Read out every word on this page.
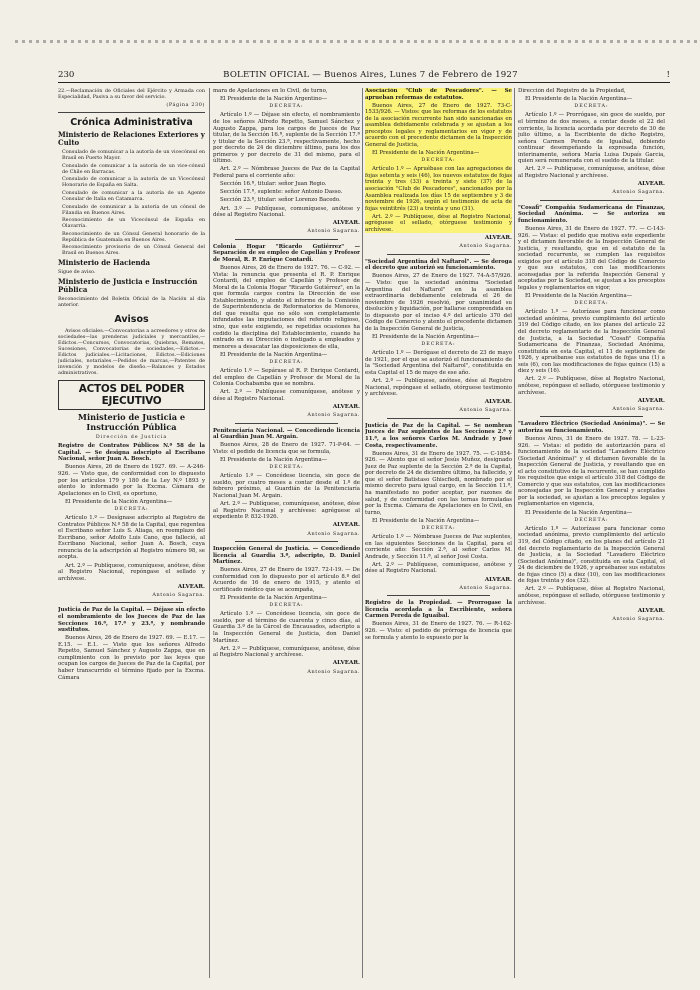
230	BOLETIN OFICIAL — Buenos Aires, Lunes 7 de Febrero de 1927	!

22.—Reclamación de Oficiales del Ejército y Armada con Especialidad, Pasiva a su favor del servicio.

(Página 230)

Crónica Administrativa
Ministerio de Relaciones Exteriores y Culto

Consulado de comunicar a la autoría de un vicecónsul en Brasil en Puerto Mayor.

Consulado de comunicar a la autoría de un vice-cónsul de Chile en Barracas.

Consulado de comunicar a la autoría de un Vicecónsul Honorario de España en Salta.

Consulado de comunicar a la autoría de un Agente Consular de Italia en Catamarca.

Consulado de comunicar a la autoría de un cónsul de Filandia en Buenos Aires.

Reconocimiento de un Vicecónsul de España en Olavarría.

Reconocimiento de un Cónsul General honorario de la República de Guatemala en Buenos Aires.

Reconocimiento provisorio de un Cónsul General del Brasil en Buenos Aires.

Ministerio de Hacienda

Sigue de aviso.

Ministerio de Justicia e Instrucción Pública

Reconocimiento del Boletín Oficial de la Nación al día anterior.

Avisos

Avisos oficiales.—Convocatorias a acreedores y otros de sociedades—las prenderas judiciales y mercantiles,—Edictos.—Concursos, Convocatorias, Quiebras, Remates, Sucesiones, Convocatorias de sociedades,—Edictos.—Edictos judiciales.—Licitaciones, Edictos.—Ediciones judiciales, notariales.—Pedidos de marcas,—Patentes de invención y modelos de diseño.—Balances y Estados administrativos.

ACTOS DEL PODER EJECUTIVO
Ministerio de Justicia e Instrucción Pública

Dirección de Justicia

Registro de Contratos Públicos N.º 58 de la Capital. — Se designa adscripto al Escribano Nacional, señor Juan A. Bosch.

Buenos Aires, 26 de Enero de 1927. 69. — A-246-926. — Visto que, de conformidad con lo dispuesto por los artículos 179 y 180 de la Ley N.º 1893 y atento lo informado por la Excma. Cámara de Apelaciones en lo Civil, es oportuno,

El Presidente de la Nación Argentina—

DECRETA:

Artículo 1.º — Desígnase adscripto al Registro de Contratos Públicos N.º 58 de la Capital, que regentea el Escribano señor Luis S. Aliaga, en reemplazo del Escribano, señor Adolfo Luis Cano, que falleció, al Escribano Nacional, señor Juan A. Bosch, cuya renuncia de la adscripción al Registro número 98, se acepta.

Art. 2.º — Publíquese, comuníquese, anótese, dése al Registro Nacional, repóngase el sellado y archívese.

ALVEAR.

Antonio Sagarna.

Justicia de Paz de la Capital. — Déjase sin efecto el nombramiento de los Jueces de Paz de las Secciones 16.ª, 17.ª y 23.ª, y nombrando sustitutos.

Buenos Aires, 26 de Enero de 1927. 69. — E.17. — E.15. — E.1. — Visto que los señores Alfredo Repetto, Samuel Sánchez y Augusto Zappa, que en cumplimiento con lo previsto por las leyes que ocupan los cargos de Jueces de Paz de la Capital, por haber transcurrido el término fijado por la Excma. Cámara

mara de Apelaciones en lo Civil, de turno,

El Presidente de la Nación Argentino—

DECRETA:

Artículo 1.º — Déjase sin efecto, el nombramiento de los señores Alfredo Repetto, Samuel Sánchez y Augusto Zappa, para los cargos de Jueces de Paz titular, de la Sección 16.ª, suplente de la Sección 17.ª y titular de la Sección 23.ª, respectivamente, hecho por decreto de 24 de diciembre último, para los dos primeros y por decreto de 31 del mismo, para el último.

Art. 2.º — Nómbrase Jueces de Paz de la Capital Federal para el corriente año:

Sección 16.ª, titular: señor Juan Regio.

Sección 17.ª, suplente: señor Antonio Dasso.

Sección 23.ª, titular: señor Lorenzo Bacedo.

Art. 3.º — Publíquese, comuníquese, anótese y dése al Registro Nacional.

ALVEAR.

Antonio Sagarna.

Colonia Hogar "Ricardo Gutiérrez" — Separación de su empleo de Capellán y Profesor de Moral, R. P. Enrique Contardi.

Buenos Aires, 26 de Enero de 1927. 76. — C-92. — Vista: la renuncia que presenta el R. P. Enrique Contardi, del empleo de Capellán y Profesor de Moral de la Colonia Hogar "Ricardo Gutiérrez", en la que formula cargos contra la Dirección de ese Establecimiento, y atento el informe de la Comisión de Superintendencia de Reformatorios de Menores, del que resulta que no sólo son completamente infundados las imputaciones del referido religioso, sino, que este exigiendo, se repetidas ocasiones ha cedido la disciplina del Establecimiento, cuando ha entrado en su Dirección o instigado a empleados y menores a desacatar las disposiciones de ella,

El Presidente de la Nación Argentina—

DECRETA:

Artículo 1.º — Sepárase al R. P. Enrique Contardi, del empleo de Capellán y Profesor de Moral de la Colonia Cochabamba que se nombra.

Art. 2.º — Publíquese comuníquese, anótese y dése al Registro Nacional.

ALVEAR.

Antonio Sagarna.

Penitenciaría Nacional. — Concediendo licencia al Guardián Juan M. Argain.

Buenos Aires, 28 de Enero de 1927. 71-P-64. — Visto: el pedido de licencia que se formula,

El Presidente de la Nación Argentina—

DECRETA:

Artículo 1.º — Concédese licencia, sin goce de sueldo, por cuatro meses a contar desde el 1.º de febrero próximo, al Guardián de la Penitenciaría Nacional Juan M. Argain.

Art. 2.º — Publíquese, comuníquese, anótese, dése al Registro Nacional y archívese: agréguese al expediente P. 832-1926.

ALVEAR.

Antonio Sagarna.

Inspección General de Justicia. — Concediendo licencia al Guardia 3.º, adscripto, D. Daniel Martínez.

Buenos Aires, 27 de Enero de 1927. 72-I-19. — De conformidad con lo dispuesto por el artículo 8.º del Acuerdo de 16 de enero de 1915, y atento el certificado médico que se acompaña,

El Presidente de la Nación Argentina—

DECRETA:

Artículo 1.º — Concédese licencia, sin goce de sueldo, por el término de cuarenta y cinco días, al Guardia 3.º de la Cárcel de Encausados, adscripto a la Inspección General de Justicia, don Daniel Martínez.

Art. 2.º — Publíquese, comuníquese, anótese, dése al Registro Nacional y archívese.

ALVEAR.

Antonio Sagarna.

Asociación "Club de Pescadores". — Se aprueban reformas de estatutos.

Buenos Aires, 27 de Enero de 1927. 73-C-1533/926. — Vistos: que las reformas de los estatutos de la asociación recurrente han sido sancionadas en asamblea debidamente celebrada y se ajustan a los preceptos legales y reglamentarios en vigor y de acuerdo con el precedente dictamen de la Inspección General de Justicia,

El Presidente de la Nación Argentina—

DECRETA:

Artículo 1.º — Apruébase con las agregaciones de fojas setenta y seis (46), los nuevos estatutos de fojas treinta y tres (33) a treinta y siete (37) de la asociación "Club de Pescadores", sancionados por la Asamblea realizada los días 15 de septiembre y 3 de noviembre de 1926, según el testimonio de acta de fojas veintitrés (23) a treinta y uno (31).

Art. 2.º — Publíquese, dése al Registro Nacional, agréguese el sellado, otórguese testimonio y archívese.

ALVEAR.

Antonio Sagarna.

"Sociedad Argentina del Naftarol". — Se deroga el decreto que autorizó su funcionamiento.

Buenos Aires, 27 de Enero de 1927. 74-A-57/926. — Visto: que la sociedad anónima "Sociedad Argentina del Naftarol" en la asamblea extraordinaria debidamente celebrada el 26 de noviembre de 1926 resolvió, por unanimidad su disolución y liquidación, por hallarse comprendida en lo dispuesto por el inciso 4.º del artículo 370 del Código de Comercio y atento el precedente dictamen de la Inspección General de Justicia,

El Presidente de la Nación Argentina—

DECRETA:

Artículo 1.º — Derógase el decreto de 23 de mayo de 1921, por el que se autorizó el funcionamiento de la "Sociedad Argentina del Naftarol", constituida en esta Capital el 15 de mayo de ese año.

Art. 2.º — Publíquese, anótese, dése al Registro Nacional, repóngase el sellado, otórguese testimonio y archívese.

ALVEAR.

Antonio Sagarna.

Justicia de Paz de la Capital. — Se nombran Jueces de Paz suplentes de las Secciones 2.ª y 11.ª, a los señores Carlos M. Andrade y José Costa, respectivamente.

Buenos Aires, 31 de Enero de 1927. 75. — C-1854-926. — Atento que el señor Jesús Muñoz, designado Juez de Paz suplente de la Sección 2.ª de la Capital, por decreto de 24 de diciembre último, ha fallecido, y que el señor Batistaso Ghiscfiedi, nombrado por el mismo decreto para igual cargo, en la Sección 11.ª, ha manifestado no poder aceptar, por razones de salud, y de conformidad con las ternas formuladas por la Excma. Cámara de Apelaciones en lo Civil, en turno,

El Presidente de la Nación Argentina—

DECRETA:

Artículo 1.º — Nómbrase Jueces de Paz suplentes, en las siguientes Secciones de la Capital, para el corriente año: Sección 2.ª, al señor Carlos M. Andrade, y Sección 11.ª, al señor José Costa.

Art. 2.º — Publíquese, comuníquese, anótese y dése al Registro Nacional.

ALVEAR.

Antonio Sagarna.

Registro de la Propiedad. — Prorrogase la licencia acordada a la Escribiente, señora Carmen Pereda de Iguaíbal.

Buenos Aires, 31 de Enero de 1927. 76. — R-162-926. — Visto: el pedido de prórroga de licencia que se formula y atento lo expuesto por la

Dirección del Registro de la Propiedad,

El Presidente de la Nación Argentina—

DECRETA:

Artículo 1.º — Prorrógase, sin goce de sueldo, por el término de dos meses, a contar desde el 22 del corriente, la licencia acordada por decreto de 30 de julio último, a la Escribiente de dicho Registro, señora Carmen Pereda de Iguaíbal, debiendo continuar desempeñando la expresada función, interinamente, señora María Luisa Dupaís Garcia, quien será remunerada con el sueldo de la titular.

Art. 2.º — Publíquese, comuníquese, anótese, dése al Registro Nacional y archívese.

ALVEAR.

Antonio Sagarna.

"Cosafi" Compañía Sudamericana de Finanzas, Sociedad Anónima. — Se autoriza su funcionamiento.

Buenos Aires, 31 de Enero de 1927. 77. — C-143-926. — Vistas: el pedido que motiva este expediente y el dictamen favorable de la Inspección General de Justicia, y resultando, que en el estatuto de la sociedad recurrente, se cumplen las requisitos exigidos por el artículo 318 del Código de Comercio y que sus estatutos, con las modificaciones aconsejadas por la referida Inspección General y aceptadas por la Sociedad, se ajustan a los preceptos legales y reglamentarios en vigor,

El Presidente de la Nación Argentina—

DECRETA:

Artículo 1.º — Autorízase para funcionar como sociedad anónima, previo cumplimiento del artículo 319 del Código citado, en los planes del artículo 22 del decreto reglamentario de la Inspección General de Justicia, a la Sociedad "Cosafi" Compañía Sudamericana de Finanzas, Sociedad Anónima, constituida en esta Capital, el 11 de septiembre de 1926, y apruébanse sus estatutos de fojas una (1) a seis (6), con las modificaciones de fojas quince (15) a diez y seis (16).

Art. 2.º — Publíquese, dése al Registro Nacional, anótese, repóngase el sellado, otórguese testimonio y archívese.

ALVEAR.

Antonio Sagarna.

"Lavadero Eléctrico (Sociedad Anónima)". — Se autoriza su funcionamiento.

Buenos Aires, 31 de Enero de 1927. 78. — L-23-926. — Vistas: el pedido de autorización para el funcionamiento de la sociedad "Lavadero Eléctrico (Sociedad Anónima)" y el dictamen favorable de la Inspección General de Justicia, y resultando que en el acto constitutivo de la recurrente, se han cumplido los requisitos que exige el artículo 318 del Código de Comercio y que sus estatutos, con las modificaciones aconsejadas por la Inspección General y aceptadas por la sociedad, se ajustan a los preceptos legales y reglamentarios en vigencia,

El Presidente de la Nación Argentina—

DECRETA:

Artículo 1.º — Autorízase para funcionar como sociedad anónima, previo cumplimiento del artículo 319, del Código citado, en los planes del artículo 21 del decreto reglamentario de la Inspección General de Justicia, a la Sociedad "Lavadero Eléctrico (Sociedad Anónima)", constituida en esta Capital, el 24 de diciembre de 1926, y apruébanse sus estatutos de fojas cinco (5) a diez (10), con las modificaciones de fojas treinta y dos (32).

Art. 2.º — Publíquese, dése al Registro Nacional, anótese, repóngase el sellado, otórguese testimonio y archívese.

ALVEAR.

Antonio Sagarna.
